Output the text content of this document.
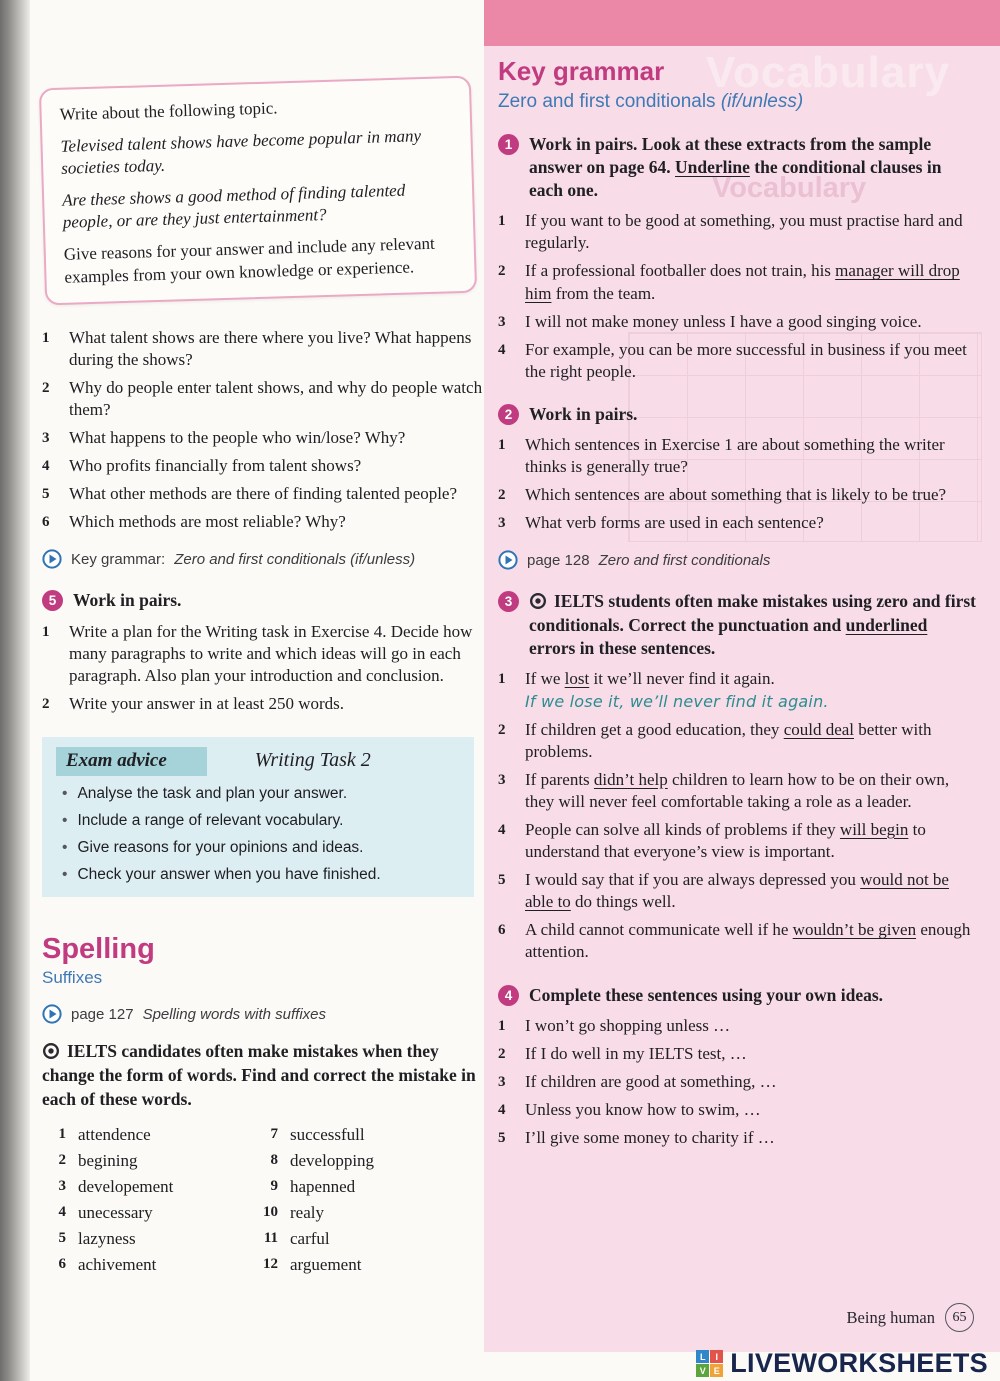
Vocabulary
Vocabulary

Write about the following topic.

Televised talent shows have become popular in many societies today.

Are these shows a good method of finding talented people, or are they just entertainment?

Give reasons for your answer and include any relevant examples from your own knowledge or experience.

1	What talent shows are there where you live? What happens during the shows?
2	Why do people enter talent shows, and why do people watch them?
3	What happens to the people who win/lose? Why?
4	Who profits financially from talent shows?
5	What other methods are there of finding talented people?
6	Which methods are most reliable? Why?
Key grammar: Zero and first conditionals (if/unless)
5 Work in pairs.
1	Write a plan for the Writing task in Exercise 4. Decide how many paragraphs to write and which ideas will go in each paragraph. Also plan your introduction and conclusion.
2	Write your answer in at least 250 words.
Exam advice	Writing Task 2
• Analyse the task and plan your answer.
• Include a range of relevant vocabulary.
• Give reasons for your opinions and ideas.
• Check your answer when you have finished.
Spelling
Suffixes
page 127 Spelling words with suffixes
IELTS candidates often make mistakes when they change the form of words. Find and correct the mistake in each of these words.
1 attendence
2 begining
3 developement
4 unecessary
5 lazyness
6 achivement
7 successfull
8 developping
9 hapenned
10 realy
11 carful
12 arguement
Key grammar
Zero and first conditionals (if/unless)
1 Work in pairs. Look at these extracts from the sample answer on page 64. Underline the conditional clauses in each one.
1	If you want to be good at something, you must practise hard and regularly.
2	If a professional footballer does not train, his manager will drop him from the team.
3	I will not make money unless I have a good singing voice.
4	For example, you can be more successful in business if you meet the right people.
2 Work in pairs.
1	Which sentences in Exercise 1 are about something the writer thinks is generally true?
2	Which sentences are about something that is likely to be true?
3	What verb forms are used in each sentence?
page 128 Zero and first conditionals
3	IELTS students often make mistakes using zero and first conditionals. Correct the punctuation and underlined errors in these sentences.
1	If we lost it we’ll never find it again.
If we lose it, we’ll never find it again.
2	If children get a good education, they could deal better with problems.
3	If parents didn’t help children to learn how to be on their own, they will never feel comfortable taking a role as a leader.
4	People can solve all kinds of problems if they will begin to understand that everyone’s view is important.
5	I would say that if you are always depressed you would not be able to do things well.
6	A child cannot communicate well if he wouldn’t be given enough attention.
4 Complete these sentences using your own ideas.
1	I won’t go shopping unless …
2	If I do well in my IELTS test, …
3	If children are good at something, …
4	Unless you know how to swim, …
5	I’ll give some money to charity if …
Being human	65
L	I
V E LIVEWORKSHEETS
